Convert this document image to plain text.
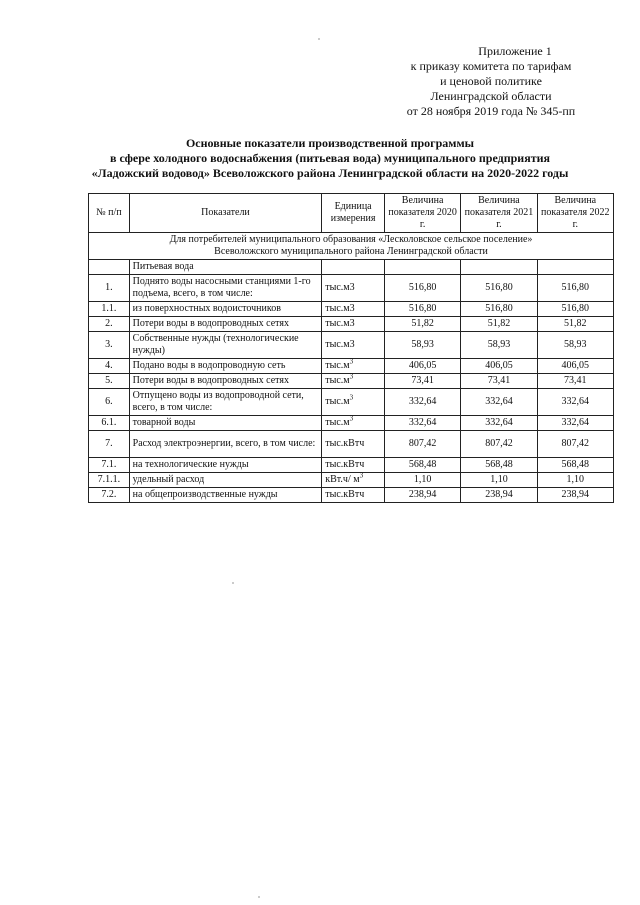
Приложение 1
к приказу комитета по тарифам
и ценовой политике
Ленинградской области
от 28 ноября 2019 года № 345-пп
Основные показатели производственной программы
в сфере холодного водоснабжения (питьевая вода) муниципального предприятия
«Ладожский водовод» Всеволожского района Ленинградской области на 2020-2022 годы
№ п/п	Показатели	Единица измерения	Величина показателя 2020 г.	Величина показателя 2021 г.	Величина показателя 2022 г.

Для потребителей муниципального образования «Лесколовское сельское поселение»
Всеволожского муниципального района Ленинградской области					

	Питьевая вода				
1.	Поднято воды насосными станциями 1-го подъема, всего, в том числе:	тыс.м3	516,80	516,80	516,80
1.1.	из поверхностных водоисточников	тыс.м3	516,80	516,80	516,80
2.	Потери воды в водопроводных сетях	тыс.м3	51,82	51,82	51,82
3.	Собственные нужды (технологические нужды)	тыс.м3	58,93	58,93	58,93
4.	Подано воды в водопроводную сеть	$тыс.м^3$	406,05	406,05	406,05
5.	Потери воды в водопроводных сетях	$тыс.м^3$	73,41	73,41	73,41
6.	Отпущено воды из водопроводной сети, всего, в том числе:	$тыс.м^3$	332,64	332,64	332,64
6.1.	товарной воды	$тыс.м^3$	332,64	332,64	332,64
7.	Расход электроэнергии, всего, в том числе:	тыс.кВтч	807,42	807,42	807,42
7.1.	на технологические нужды	тыс.кВтч	568,48	568,48	568,48
7.1.1.	удельный расход	кВт.ч/ $м^3$	1,10	1,10	1,10
7.2.	на общепроизводственные нужды	тыс.кВтч	238,94	238,94	238,94
